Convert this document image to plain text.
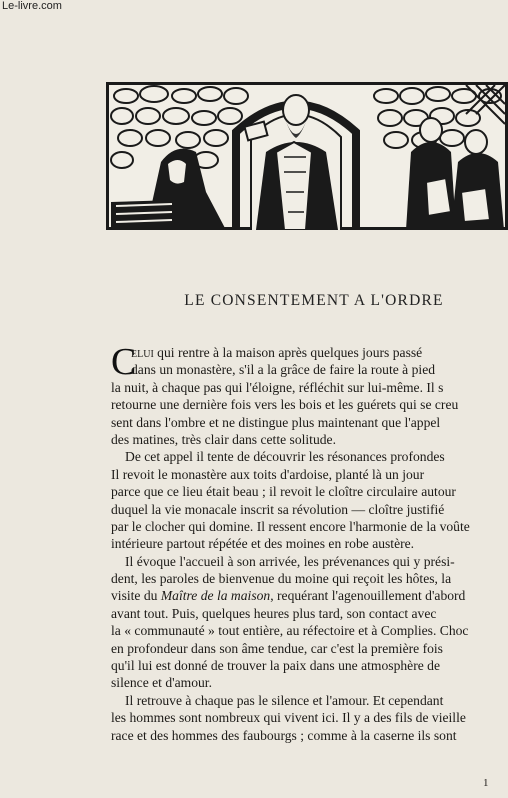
Le-livre.com
LE CONSENTEMENT A L'ORDRE
C
elui qui rentre à la maison après quelques jours passé
dans un monastère, s'il a la grâce de faire la route à pied
la nuit, à chaque pas qui l'éloigne, réfléchit sur lui-même. Il s
retourne une dernière fois vers les bois et les guérets qui se creu
sent dans l'ombre et ne distingue plus maintenant que l'appel
des matines, très clair dans cette solitude.
De cet appel il tente de découvrir les résonances profondes
Il revoit le monastère aux toits d'ardoise, planté là un jour
parce que ce lieu était beau ; il revoit le cloître circulaire autour
duquel la vie monacale inscrit sa révolution — cloître justifié
par le clocher qui domine. Il ressent encore l'harmonie de la voûte
intérieure partout répétée et des moines en robe austère.
Il évoque l'accueil à son arrivée, les prévenances qui y prési-
dent, les paroles de bienvenue du moine qui reçoit les hôtes, la
visite du Maître de la maison, requérant l'agenouillement d'abord
avant tout. Puis, quelques heures plus tard, son contact avec
la « communauté » tout entière, au réfectoire et à Complies. Choc
en profondeur dans son âme tendue, car c'est la première fois
qu'il lui est donné de trouver la paix dans une atmosphère de
silence et d'amour.
Il retrouve à chaque pas le silence et l'amour. Et cependant
les hommes sont nombreux qui vivent ici. Il y a des fils de vieille
race et des hommes des faubourgs ; comme à la caserne ils sont
1
